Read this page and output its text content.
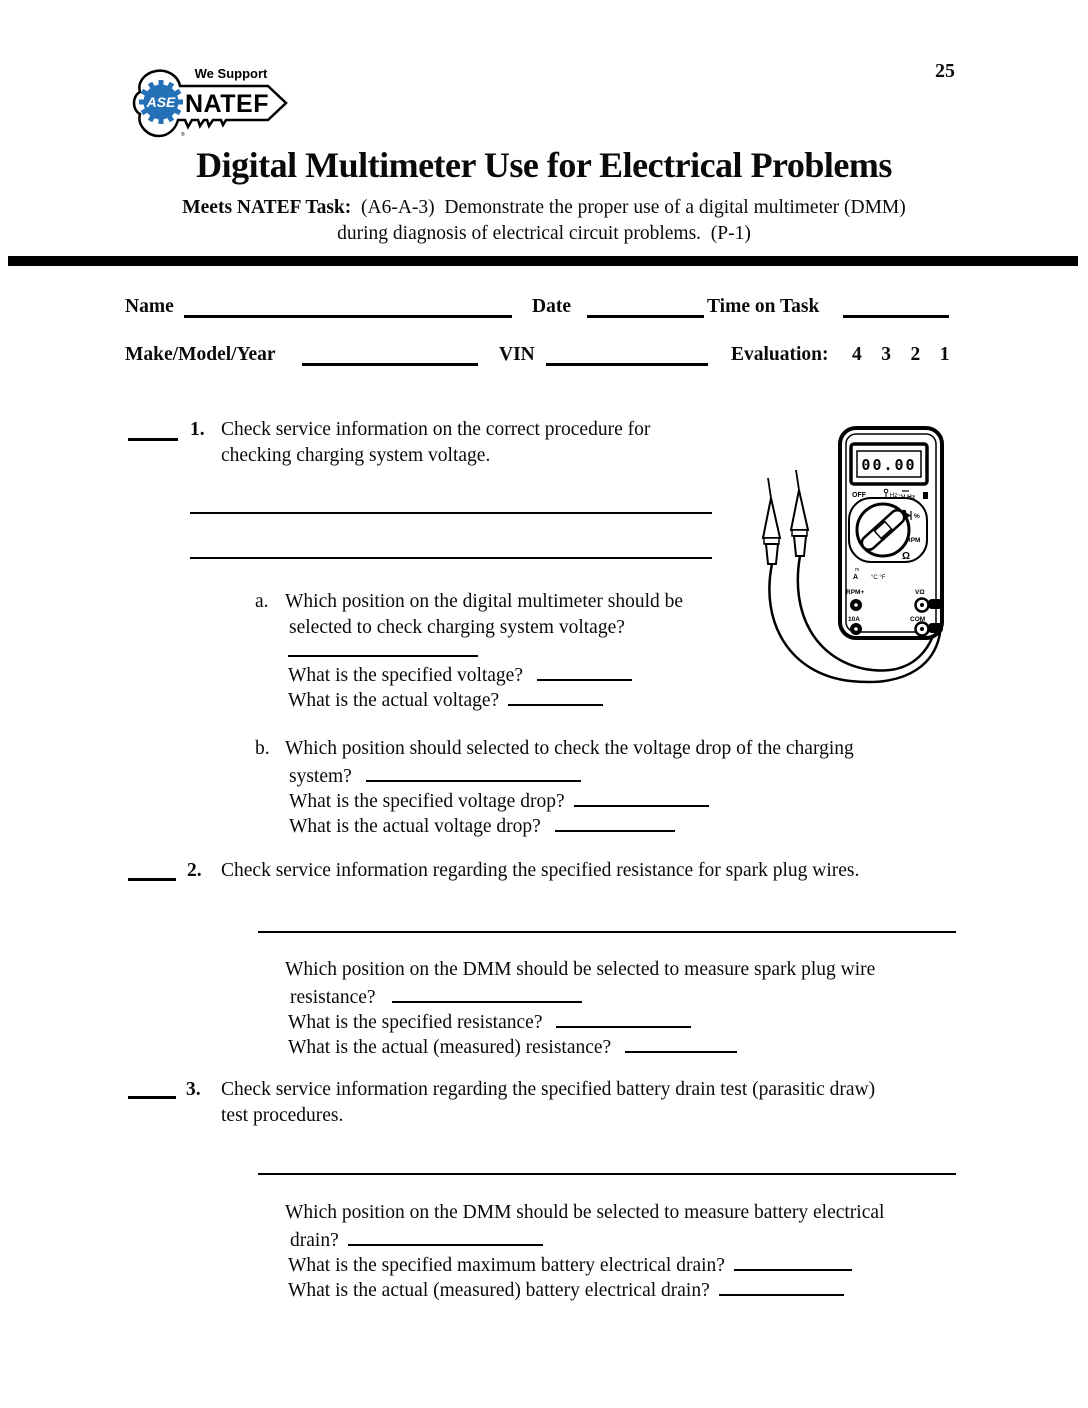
25
ASE
®
We Support
NATEF
Digital Multimeter Use for Electrical Problems
Meets NATEF Task:  (A6-A-3)  Demonstrate the proper use of a digital multimeter (DMM)
during diagnosis of electrical circuit problems.  (P-1)
Name	Date	Time on Task
Make/Model/Year	VIN	Evaluation: 4    3    2    1
1. Check service information on the correct procedure for
checking charging system voltage.
a. Which position on the digital multimeter should be
selected to check charging system voltage?
What is the specified voltage?
What is the actual voltage?
00.00
OFF	Hz~ V Hz
%
RPM
Ω
m
A °C °F
RPM+
10A
VΩ
COM
b. Which position should selected to check the voltage drop of the charging
system?
What is the specified voltage drop?
What is the actual voltage drop?
2. Check service information regarding the specified resistance for spark plug wires.
Which position on the DMM should be selected to measure spark plug wire
resistance?
What is the specified resistance?
What is the actual (measured) resistance?
3. Check service information regarding the specified battery drain test (parasitic draw)
test procedures.
Which position on the DMM should be selected to measure battery electrical
drain?
What is the specified maximum battery electrical drain?
What is the actual (measured) battery electrical drain?
